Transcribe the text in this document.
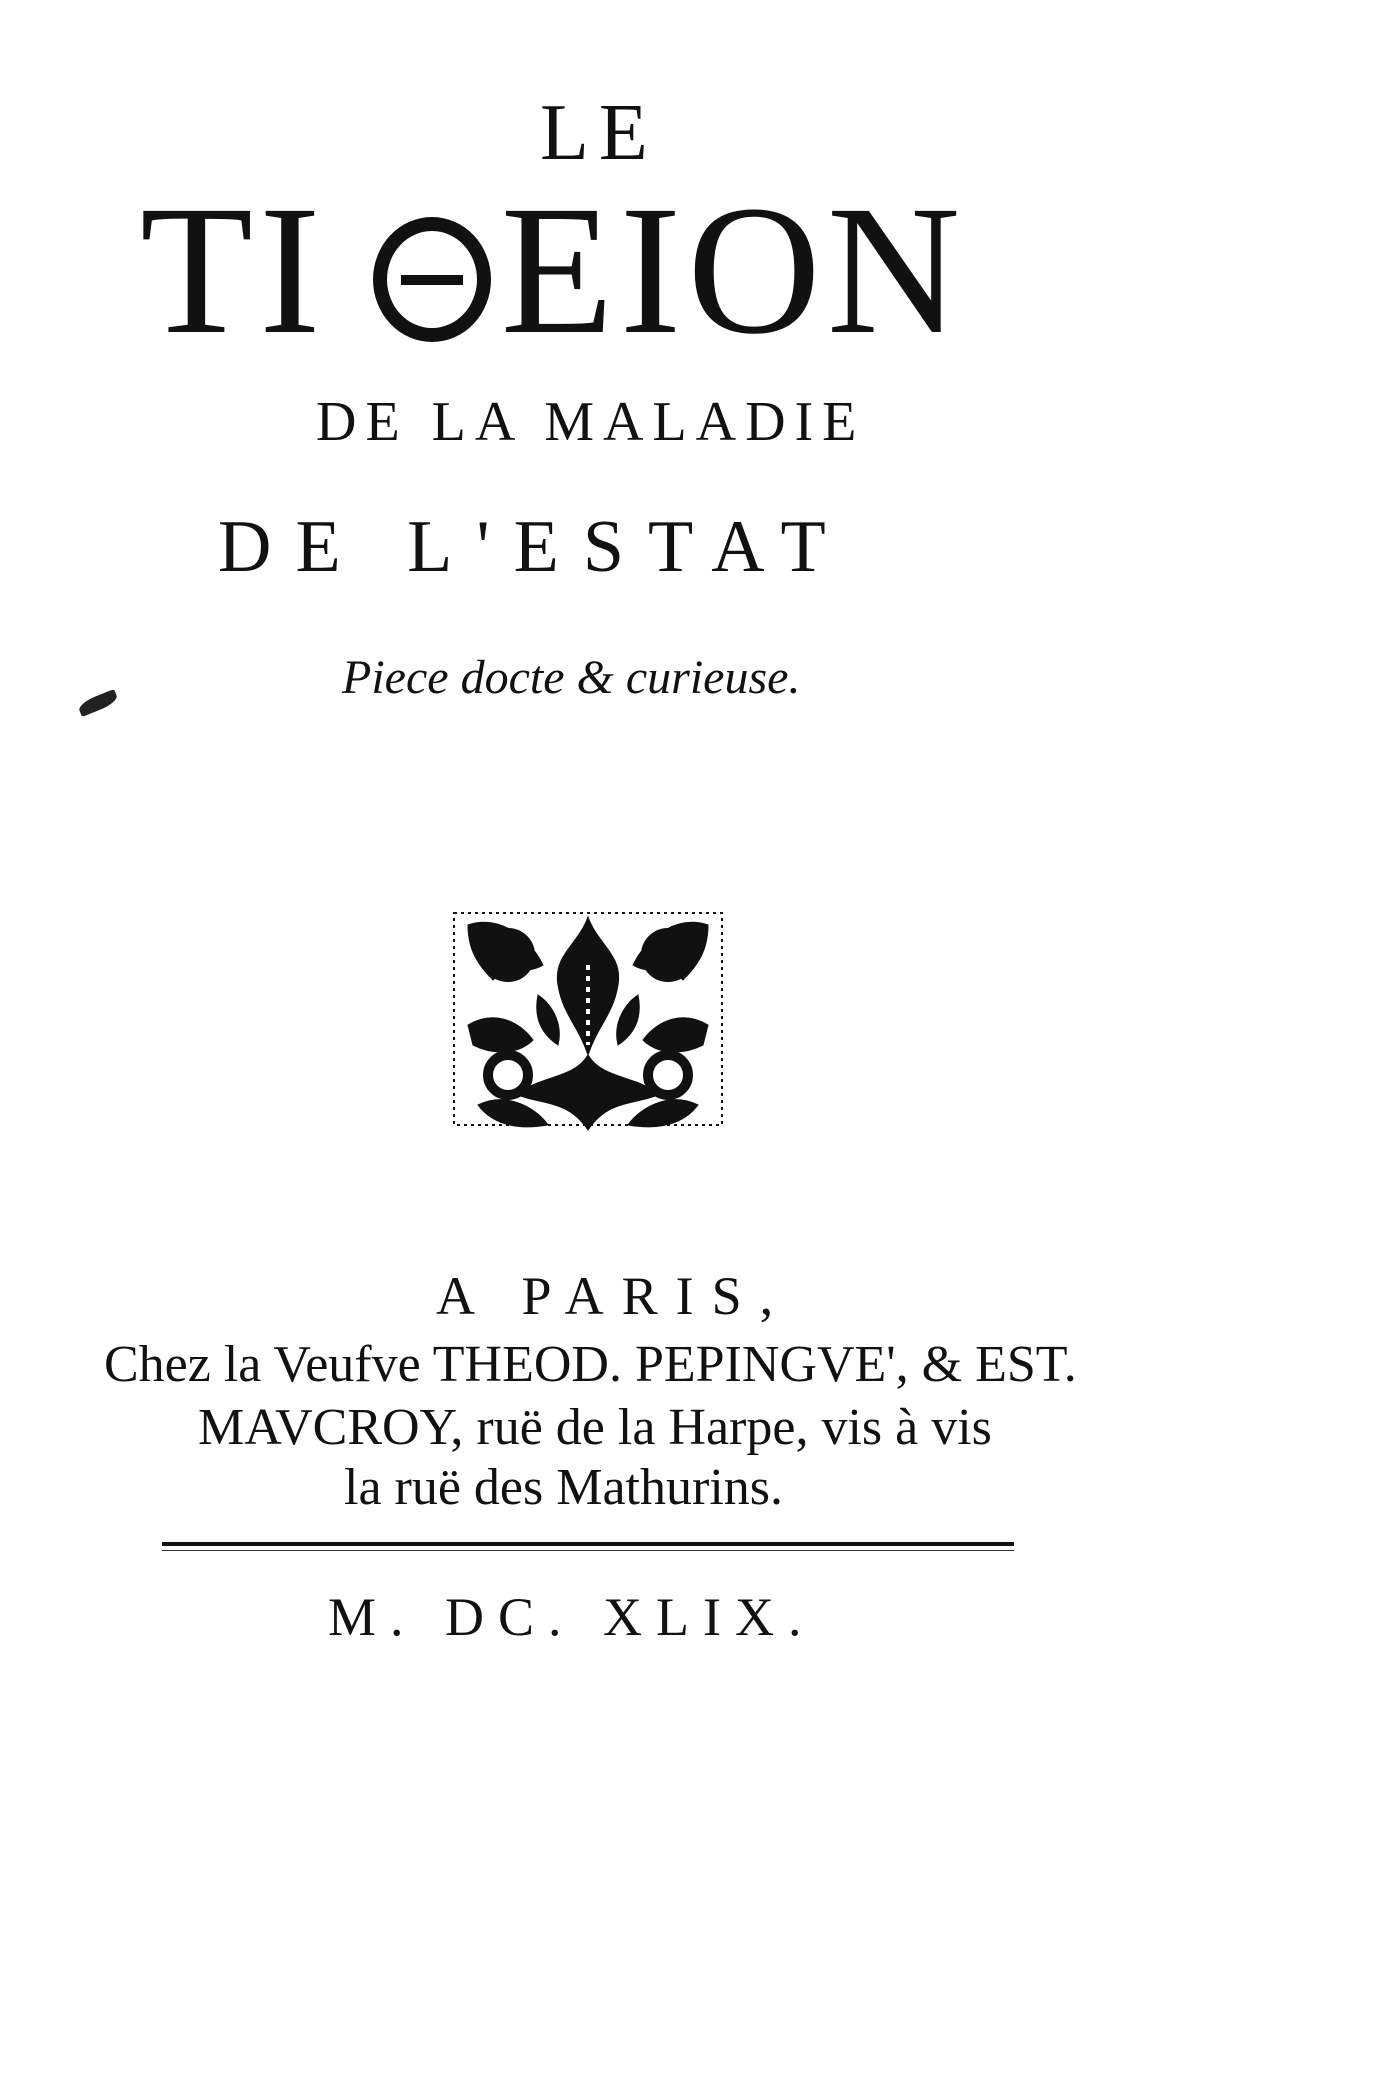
LE
TI EION
DE LA MALADIE
DE L'ESTAT
Piece docte & curieuse.
A PARIS,
Chez la Veufve THEOD. PEPINGVE', & EST.
MAVCROY, ruë de la Harpe, vis à vis
la ruë des Mathurins.
M. DC. XLIX.
